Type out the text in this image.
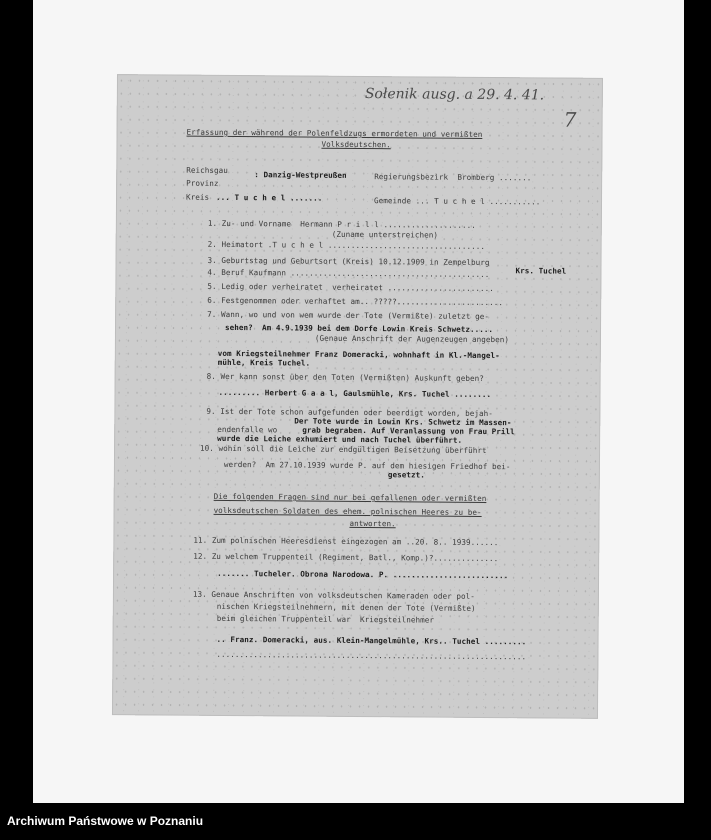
Sołenik ausg. a 29. 4. 41.
7
Erfassung der während der Polenfeldzugs ermordeten und vermißten
Volksdeutschen.
Reichsgau	: Danzig-Westpreußen	Regierungsbezirk  Bromberg .......
Provinz
Kreis ... T u c h e l .......	Gemeinde ... T u c h e l ...........
1. Zu- und Vorname  Hermann P r i l l ....................
(Zuname unterstreichen)
2. Heimatort .T u c h e l ..................................
3. Geburtstag und Geburtsort (Kreis) 10.12.1909 in Zempelburg
Krs. Tuchel
4. Beruf Kaufmann ...........................................
5. Ledig oder verheiratet  verheiratet .......................
6. Festgenommen oder verhaftet am.. ?????.......................
7. Wann, wo und von wem wurde der Tote (Vermißte) zuletzt ge-
sehen?  Am 4.9.1939 bei dem Dorfe Lowin Kreis Schwetz.....
(Genaue Anschrift der Augenzeugen angeben)
vom Kriegsteilnehmer Franz Domeracki, wohnhaft in Kl.-Mangel-
mühle, Kreis Tuchel.
8. Wer kann sonst über den Toten (Vermißten) Auskunft geben?
......... Herbert G a a l, Gaulsmühle, Krs. Tuchel ........
9. Ist der Tote schon aufgefunden oder beerdigt worden, bejah-
Der Tote wurde in Lowin Krs. Schwetz im Massen-
endenfalle wo	grab begraben. Auf Veranlassung von Frau Prill
wurde die Leiche exhumiert und nach Tuchel überführt.
10. wohin soll die Leiche zur endgültigen Beisetzung überführt
werden?  Am 27.10.1939 wurde P. auf dem hiesigen Friedhof bei-
gesetzt.
Die folgenden Fragen sind nur bei gefallenen oder vermißten
volksdeutschen Soldaten des ehem. polnischen Heeres zu be-
antworten.
11. Zum polnischen Heeresdienst eingezogen am ..20. 8.. 1939......
12. Zu welchem Truppenteil (Regiment, Batl., Komp.)?..............
....... Tucheler. Obrona Narodowa. P. .........................
13. Genaue Anschriften von volksdeutschen Kameraden oder pol-
nischen Kriegsteilnehmern, mit denen der Tote (Vermißte)
beim gleichen Truppenteil war  Kriegsteilnehmer
.. Franz. Domeracki, aus. Klein-Mangelmühle, Krs.. Tuchel .........
...................................................................
Archiwum Państwowe w Poznaniu
